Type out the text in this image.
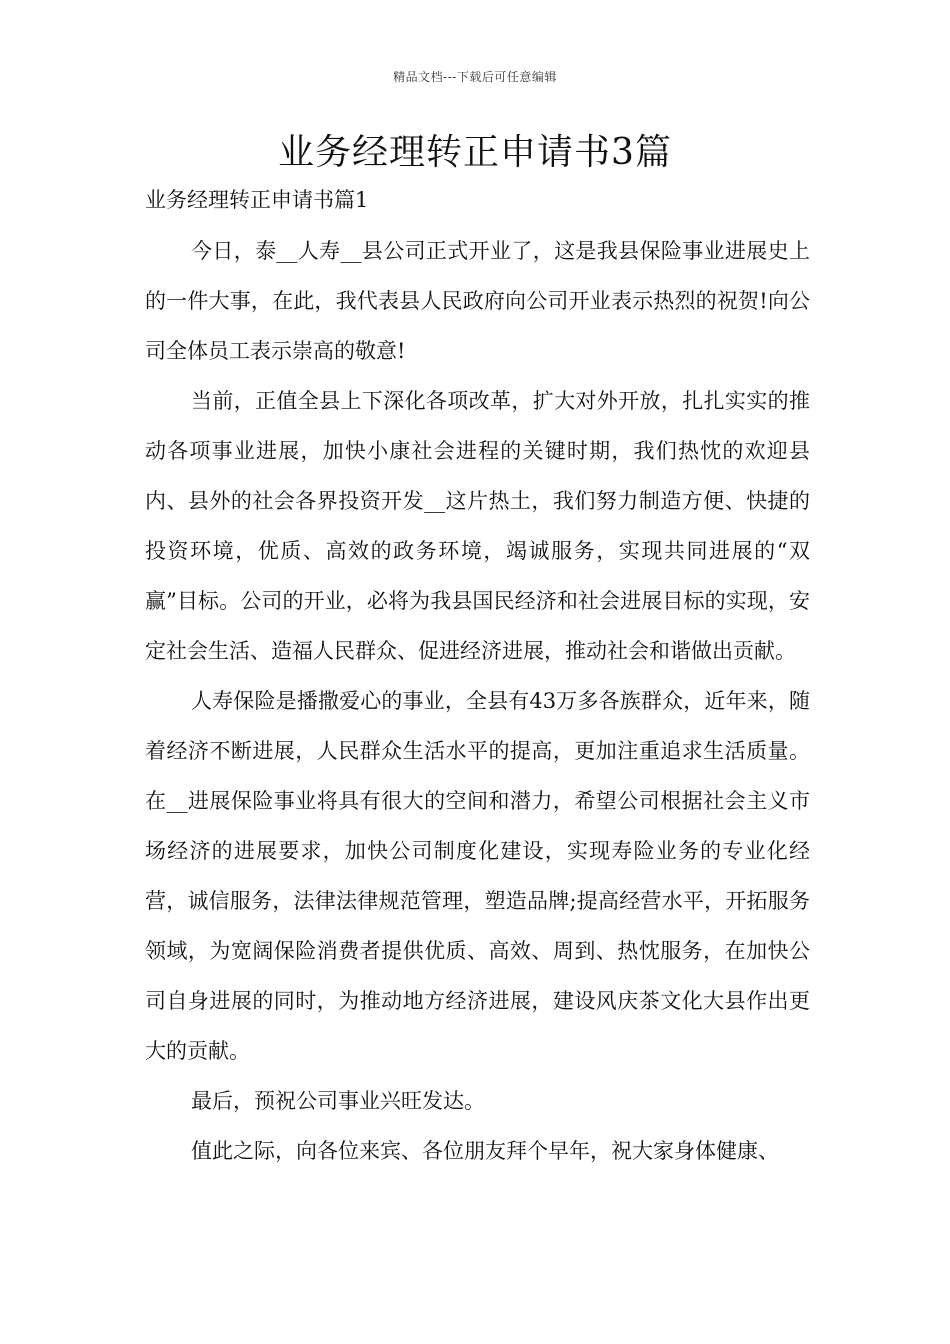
精品文档---下载后可任意编辑
业务经理转正申请书3篇
业务经理转正申请书篇1

今日，泰__人寿__县公司正式开业了，这是我县保险事业进展史上的一件大事，在此，我代表县人民政府向公司开业表示热烈的祝贺!向公司全体员工表示崇高的敬意!

当前，正值全县上下深化各项改革，扩大对外开放，扎扎实实的推动各项事业进展，加快小康社会进程的关键时期，我们热忱的欢迎县内、县外的社会各界投资开发__这片热土，我们努力制造方便、快捷的投资环境，优质、高效的政务环境，竭诚服务，实现共同进展的“双赢”目标。公司的开业，必将为我县国民经济和社会进展目标的实现，安定社会生活、造福人民群众、促进经济进展，推动社会和谐做出贡献。

人寿保险是播撒爱心的事业，全县有43万多各族群众，近年来，随着经济不断进展，人民群众生活水平的提高，更加注重追求生活质量。在__进展保险事业将具有很大的空间和潜力，希望公司根据社会主义市场经济的进展要求，加快公司制度化建设，实现寿险业务的专业化经营，诚信服务，法律法律规范管理，塑造品牌;提高经营水平，开拓服务领域，为宽阔保险消费者提供优质、高效、周到、热忱服务，在加快公司自身进展的同时，为推动地方经济进展，建设风庆茶文化大县作出更大的贡献。

最后，预祝公司事业兴旺发达。

值此之际，向各位来宾、各位朋友拜个早年，祝大家身体健康、
